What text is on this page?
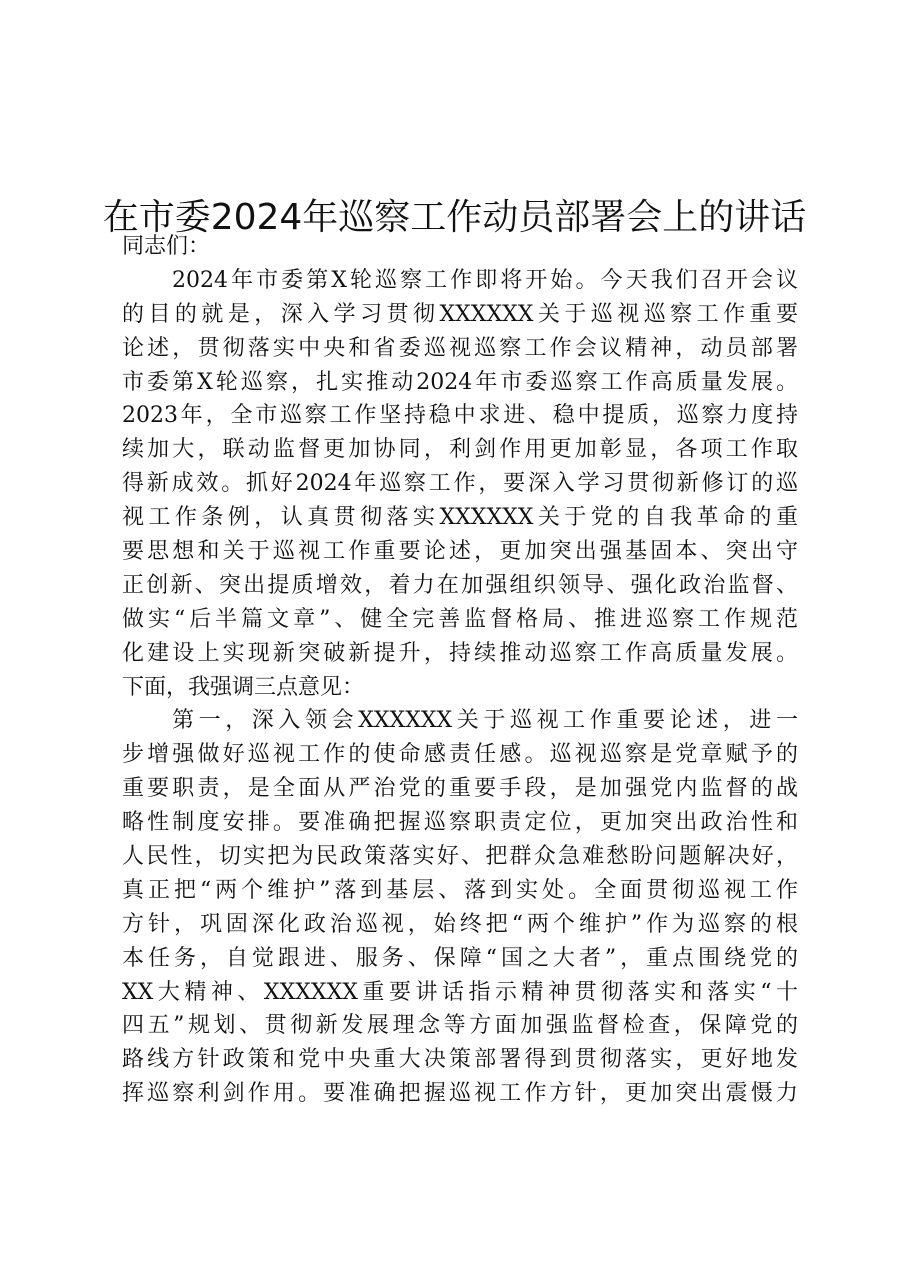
在市委2024年巡察工作动员部署会上的讲话
同志们：
2024年市委第X轮巡察工作即将开始。今天我们召开会议
的目的就是，深入学习贯彻XXXXXX关于巡视巡察工作重要
论述，贯彻落实中央和省委巡视巡察工作会议精神，动员部署
市委第X轮巡察，扎实推动2024年市委巡察工作高质量发展。
2023年，全市巡察工作坚持稳中求进、稳中提质，巡察力度持
续加大，联动监督更加协同，利剑作用更加彰显，各项工作取
得新成效。抓好2024年巡察工作，要深入学习贯彻新修订的巡
视工作条例，认真贯彻落实XXXXXX关于党的自我革命的重
要思想和关于巡视工作重要论述，更加突出强基固本、突出守
正创新、突出提质增效，着力在加强组织领导、强化政治监督、
做实“后半篇文章”、健全完善监督格局、推进巡察工作规范
化建设上实现新突破新提升，持续推动巡察工作高质量发展。
下面，我强调三点意见：
第一，深入领会XXXXXX关于巡视工作重要论述，进一
步增强做好巡视工作的使命感责任感。巡视巡察是党章赋予的
重要职责，是全面从严治党的重要手段，是加强党内监督的战
略性制度安排。要准确把握巡察职责定位，更加突出政治性和
人民性，切实把为民政策落实好、把群众急难愁盼问题解决好，
真正把“两个维护”落到基层、落到实处。全面贯彻巡视工作
方针，巩固深化政治巡视，始终把“两个维护”作为巡察的根
本任务，自觉跟进、服务、保障“国之大者”，重点围绕党的
XX大精神、XXXXXX重要讲话指示精神贯彻落实和落实“十
四五”规划、贯彻新发展理念等方面加强监督检查，保障党的
路线方针政策和党中央重大决策部署得到贯彻落实，更好地发
挥巡察利剑作用。要准确把握巡视工作方针，更加突出震慑力
